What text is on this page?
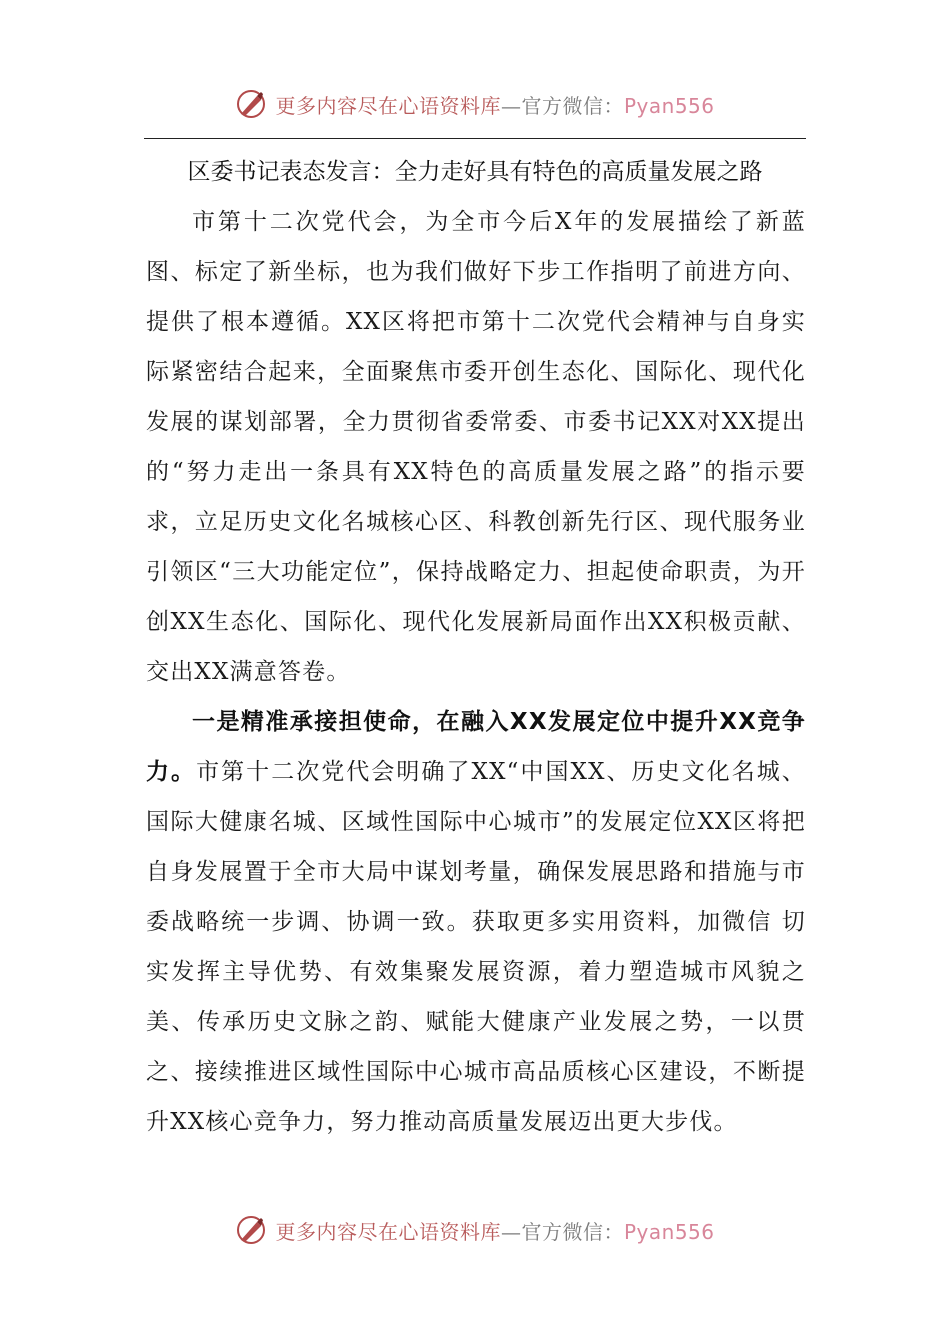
更多内容尽在心语资料库—官方微信：Pyan556
区委书记表态发言：全力走好具有特色的高质量发展之路

市第十二次党代会，为全市今后X年的发展描绘了新蓝图、标定了新坐标，也为我们做好下步工作指明了前进方向、提供了根本遵循。XX区将把市第十二次党代会精神与自身实际紧密结合起来，全面聚焦市委开创生态化、国际化、现代化发展的谋划部署，全力贯彻省委常委、市委书记XX对XX提出的“努力走出一条具有XX特色的高质量发展之路”的指示要求，立足历史文化名城核心区、科教创新先行区、现代服务业引领区“三大功能定位”，保持战略定力、担起使命职责，为开创XX生态化、国际化、现代化发展新局面作出XX积极贡献、交出XX满意答卷。

一是精准承接担使命，在融入XX发展定位中提升XX竞争力。市第十二次党代会明确了XX“中国XX、历史文化名城、国际大健康名城、区域性国际中心城市”的发展定位XX区将把自身发展置于全市大局中谋划考量，确保发展思路和措施与市委战略统一步调、协调一致。获取更多实用资料，加微信 切实发挥主导优势、有效集聚发展资源，着力塑造城市风貌之美、传承历史文脉之韵、赋能大健康产业发展之势，一以贯之、接续推进区域性国际中心城市高品质核心区建设，不断提升XX核心竞争力，努力推动高质量发展迈出更大步伐。

更多内容尽在心语资料库—官方微信：Pyan556
